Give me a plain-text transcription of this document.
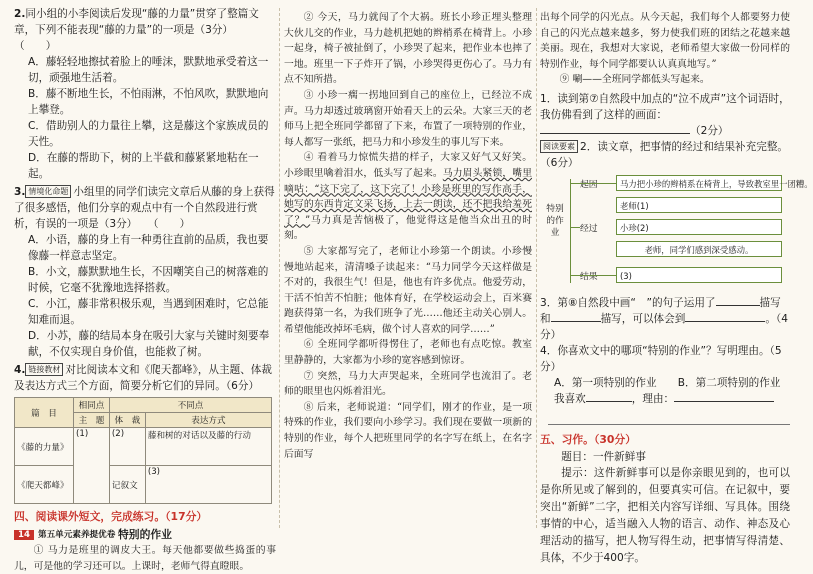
2.同小组的小李阅读后发现“藤的力量”贯穿了整篇文章，下列不能表现“藤的力量”的一项是（3分）　　（　　）

A．藤轻轻地擦拭着脸上的唾沫，默默地承受着这一切，顽强地生活着。

B．藤不断地生长，不怕雨淋，不怕风吹，默默地向上攀登。

C．借助别人的力量往上攀，这是藤这个家族成员的天性。

D．在藤的帮助下，树的上半截和藤紧紧地粘在一起。

3. 情境化命题 小组里的同学们读完文章后从藤的身上获得了很多感悟，他们分享的观点中有一个自然段进行赏析，有误的一项是（3分）　　（　　）

A．小语，藤的身上有一种勇往直前的品质，我也要像藤一样意志坚定。

B．小文，藤默默地生长，不因嘲笑自己的树落难的时候，它毫不犹豫地选择搭救。

C．小江，藤非常积极乐观，当遇到困难时，它总能知难而退。

D．小苏，藤的结局本身在吸引大家与关键时刻要奉献，不仅实现自身价值，也能救了树。

4. 链接教材 对比阅读本文和《爬天都峰》，从主题、体裁及表达方式三个方面，简要分析它们的异同。（6分）

篇　目	相同点	不同点	
	主　题	体　裁	表达方式
《藤的力量》	(1)	(2)	藤和树的对话以及藤的行动
《爬天都峰》		记叙文	(3)

四、阅读课外短文，完成练习。（17分）

特别的作业

① 马力是班里的调皮大王。每天他都要做些捣蛋的事儿，可是他的学习还可以。上课时，老师气得直瞪眼。

② 今天，马力就闯了个大祸。班长小珍正埋头整理大伙儿交的作业，马力趁机把她的辫梢系在椅背上。小珍一起身，椅子被扯倒了，小珍哭了起来，把作业本也摔了一地。班里一下子炸开了锅，小珍哭得更伤心了。马力有点不知所措。

③ 小珍一瘸一拐地回到自己的座位上，已经泣不成声。马力却透过玻璃窗开始看天上的云朵。大家三天的老师马上把全班同学都留了下来，布置了一项特别的作业，每人都写一张纸，把马力和小珍发生的事儿写下来。

④ 看着马力惊慌失措的样子，大家又好气又好笑。小珍眼里噙着泪水，低头写了起来。马力眉头紧锁，嘴里嘀咕：“这下完了，这下完了！小珍是班里的写作高手，她写的东西肯定文采飞扬，上去一朗读，还不把我给羞死了？”马力真是苦恼极了，他觉得这是他当众出丑的时刻。

⑤ 大家都写完了，老师让小珍第一个朗读。小珍慢慢地站起来，清清嗓子读起来：“马力同学今天这样做是不对的，我很生气！但是，他也有许多优点。他爱劳动，干活不怕苦不怕脏；他体育好，在学校运动会上，百米赛跑获得第一名，为我们班争了光……他还主动关心别人。希望他能改掉坏毛病，做个讨人喜欢的同学……”

⑥ 全班同学都听得愣住了，老师也有点吃惊。教室里静静的，大家都为小珍的宽容感到惊讶。

⑦ 突然，马力大声哭起来，全班同学也流泪了。老师的眼里也闪烁着泪光。

⑧ 后来，老师说道：“同学们，刚才的作业，是一项特殊的作业，我们要向小珍学习。我们现在要做一项新的特别的作业，每个人把班里同学的名字写在纸上，在名字后面写

出每个同学的闪光点。从今天起，我们每个人都要努力使自己的闪光点越来越多，努力使我们班的团结之花越来越美丽。现在，我想对大家说，老师希望大家做一份同样的特别作业，每个同学都要认认真真地写。”

⑨ 唰——全班同学都低头写起来。

1．读到第⑦自然段中加点的“泣不成声”这个词语时，我仿佛看到了这样的画面：（2分）

阅读要素 2．读文章，把事情的经过和结果补充完整。（6分）

特别的作业
起因	马力把小珍的辫梢系在椅背上，导致教室里一团糟。
经过
老师(1)
小珍(2)
老师，同学们感到深受感动。
结果	(3)

3．第⑧自然段中画“　”的句子运用了	描写和	描写，可以体会到	。（4分）

4．你喜欢文中的哪项“特别的作业”？写明理由。（5分）

A．第一项特别的作业　　B．第二项特别的作业

我喜欢	，理由：

五、习作。（30分）

题目：一件新鲜事

提示：这件新鲜事可以是你亲眼见到的，也可以是你所见或了解到的，但要真实可信。在记叙中，要突出“新鲜”二字，把相关内容写详细、写具体。围绕事情的中心，适当融入人物的语言、动作、神态及心理活动的描写，把人物写得生动，把事情写得清楚、具体，不少于400字。

14 第五单元素养提优卷
